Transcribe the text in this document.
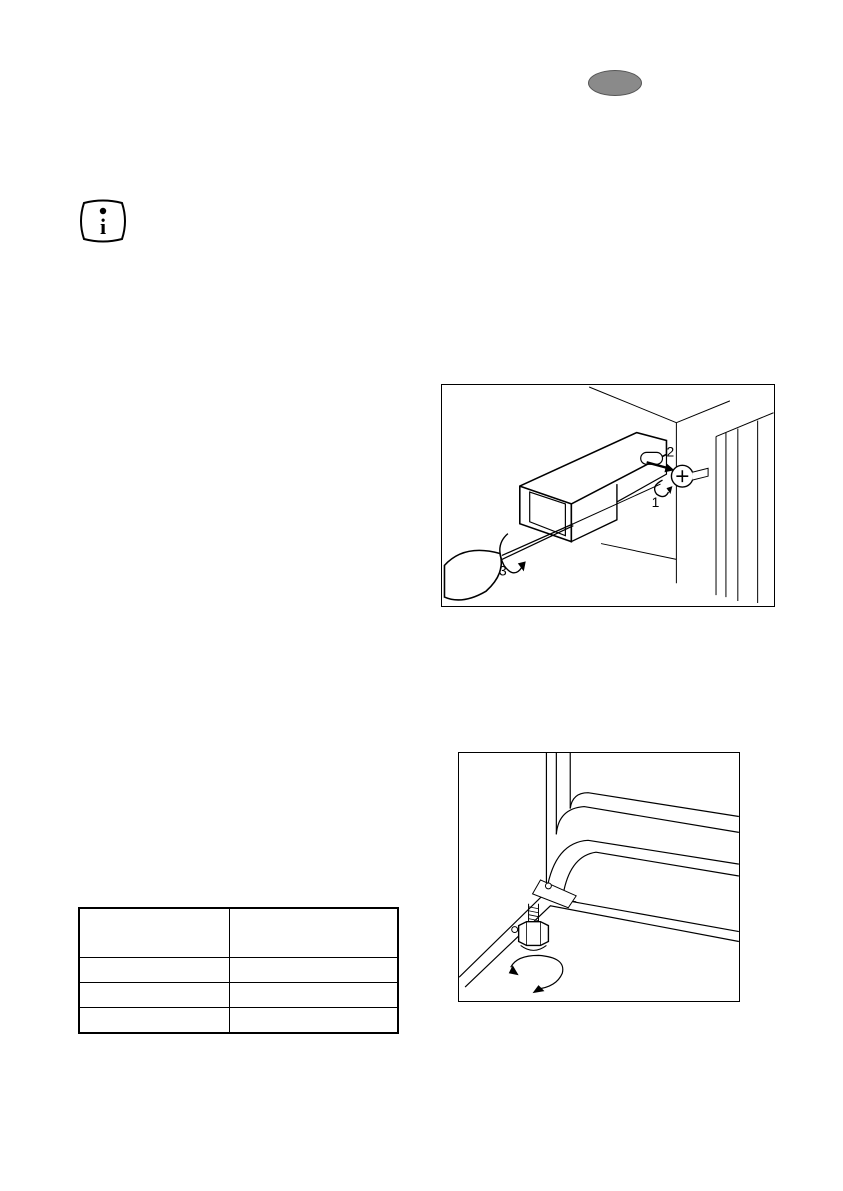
i
1
2
3
